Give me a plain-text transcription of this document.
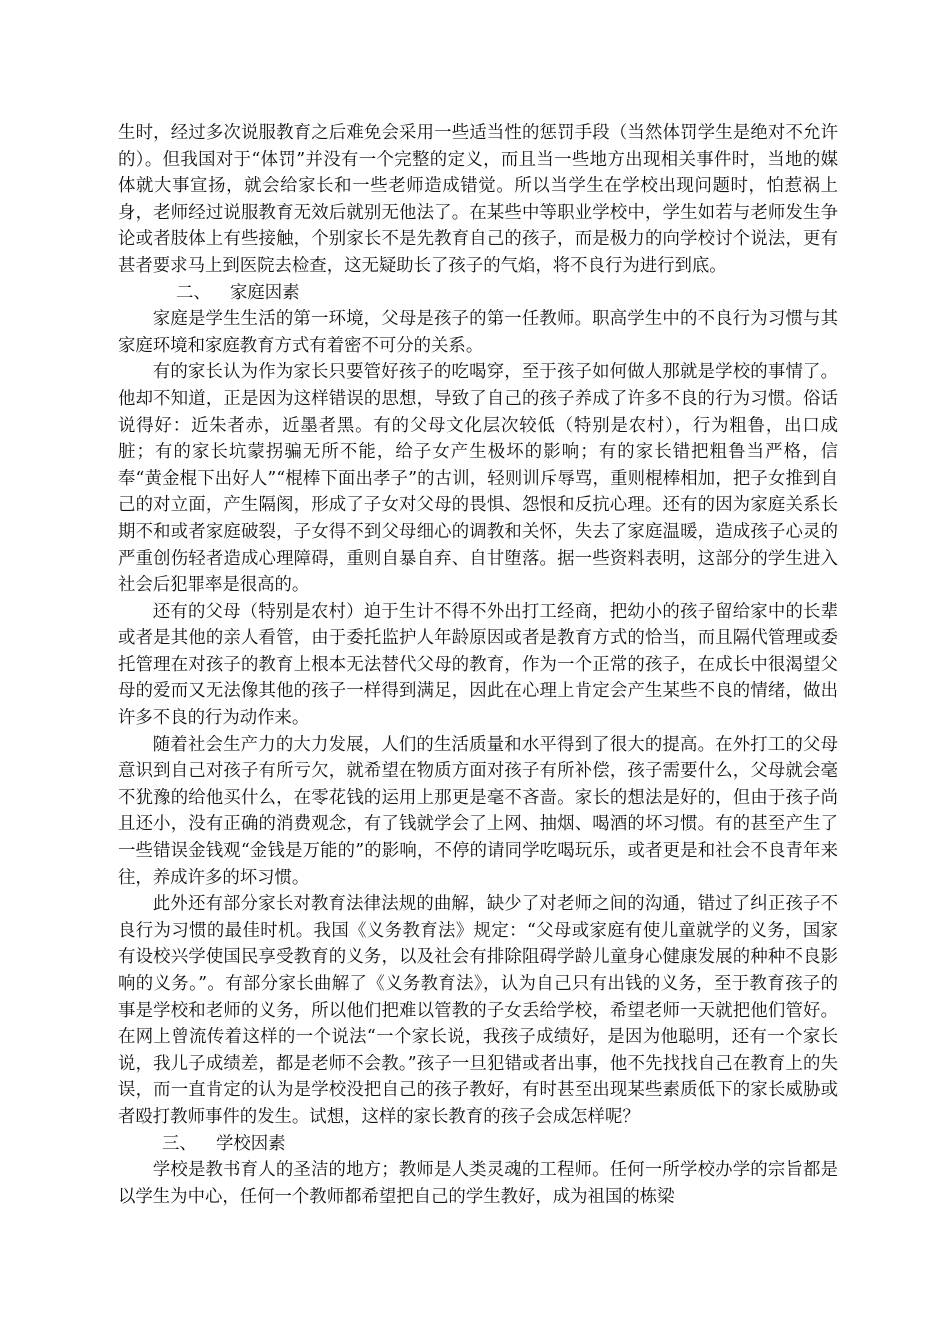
生时，经过多次说服教育之后难免会采用一些适当性的惩罚手段（当然体罚学生是绝对不允许的）。但我国对于“体罚”并没有一个完整的定义，而且当一些地方出现相关事件时，当地的媒体就大事宣扬，就会给家长和一些老师造成错觉。所以当学生在学校出现问题时，怕惹祸上身，老师经过说服教育无效后就别无他法了。在某些中等职业学校中，学生如若与老师发生争论或者肢体上有些接触，个别家长不是先教育自己的孩子，而是极力的向学校讨个说法，更有甚者要求马上到医院去检查，这无疑助长了孩子的气焰，将不良行为进行到底。

二、 家庭因素

家庭是学生生活的第一环境，父母是孩子的第一任教师。职高学生中的不良行为习惯与其家庭环境和家庭教育方式有着密不可分的关系。

有的家长认为作为家长只要管好孩子的吃喝穿，至于孩子如何做人那就是学校的事情了。他却不知道，正是因为这样错误的思想，导致了自己的孩子养成了许多不良的行为习惯。俗话说得好：近朱者赤，近墨者黑。有的父母文化层次较低（特别是农村），行为粗鲁，出口成脏；有的家长坑蒙拐骗无所不能，给子女产生极坏的影响；有的家长错把粗鲁当严格，信奉“黄金棍下出好人”“棍棒下面出孝子”的古训，轻则训斥辱骂，重则棍棒相加，把子女推到自己的对立面，产生隔阂，形成了子女对父母的畏惧、怨恨和反抗心理。还有的因为家庭关系长期不和或者家庭破裂，子女得不到父母细心的调教和关怀，失去了家庭温暖，造成孩子心灵的严重创伤轻者造成心理障碍，重则自暴自弃、自甘堕落。据一些资料表明，这部分的学生进入社会后犯罪率是很高的。

还有的父母（特别是农村）迫于生计不得不外出打工经商，把幼小的孩子留给家中的长辈或者是其他的亲人看管，由于委托监护人年龄原因或者是教育方式的恰当，而且隔代管理或委托管理在对孩子的教育上根本无法替代父母的教育，作为一个正常的孩子，在成长中很渴望父母的爱而又无法像其他的孩子一样得到满足，因此在心理上肯定会产生某些不良的情绪，做出许多不良的行为动作来。

随着社会生产力的大力发展，人们的生活质量和水平得到了很大的提高。在外打工的父母意识到自己对孩子有所亏欠，就希望在物质方面对孩子有所补偿，孩子需要什么，父母就会毫不犹豫的给他买什么，在零花钱的运用上那更是毫不吝啬。家长的想法是好的，但由于孩子尚且还小，没有正确的消费观念，有了钱就学会了上网、抽烟、喝酒的坏习惯。有的甚至产生了一些错误金钱观“金钱是万能的”的影响，不停的请同学吃喝玩乐，或者更是和社会不良青年来往，养成许多的坏习惯。

此外还有部分家长对教育法律法规的曲解，缺少了对老师之间的沟通，错过了纠正孩子不良行为习惯的最佳时机。我国《义务教育法》规定：“父母或家庭有使儿童就学的义务，国家有设校兴学使国民享受教育的义务，以及社会有排除阻碍学龄儿童身心健康发展的种种不良影响的义务。”。有部分家长曲解了《义务教育法》，认为自己只有出钱的义务，至于教育孩子的事是学校和老师的义务，所以他们把难以管教的子女丢给学校，希望老师一天就把他们管好。在网上曾流传着这样的一个说法“一个家长说，我孩子成绩好，是因为他聪明，还有一个家长说，我儿子成绩差，都是老师不会教。”孩子一旦犯错或者出事，他不先找找自己在教育上的失误，而一直肯定的认为是学校没把自己的孩子教好，有时甚至出现某些素质低下的家长威胁或者殴打教师事件的发生。试想，这样的家长教育的孩子会成怎样呢？

三、 学校因素

学校是教书育人的圣洁的地方；教师是人类灵魂的工程师。任何一所学校办学的宗旨都是以学生为中心，任何一个教师都希望把自己的学生教好，成为祖国的栋梁
